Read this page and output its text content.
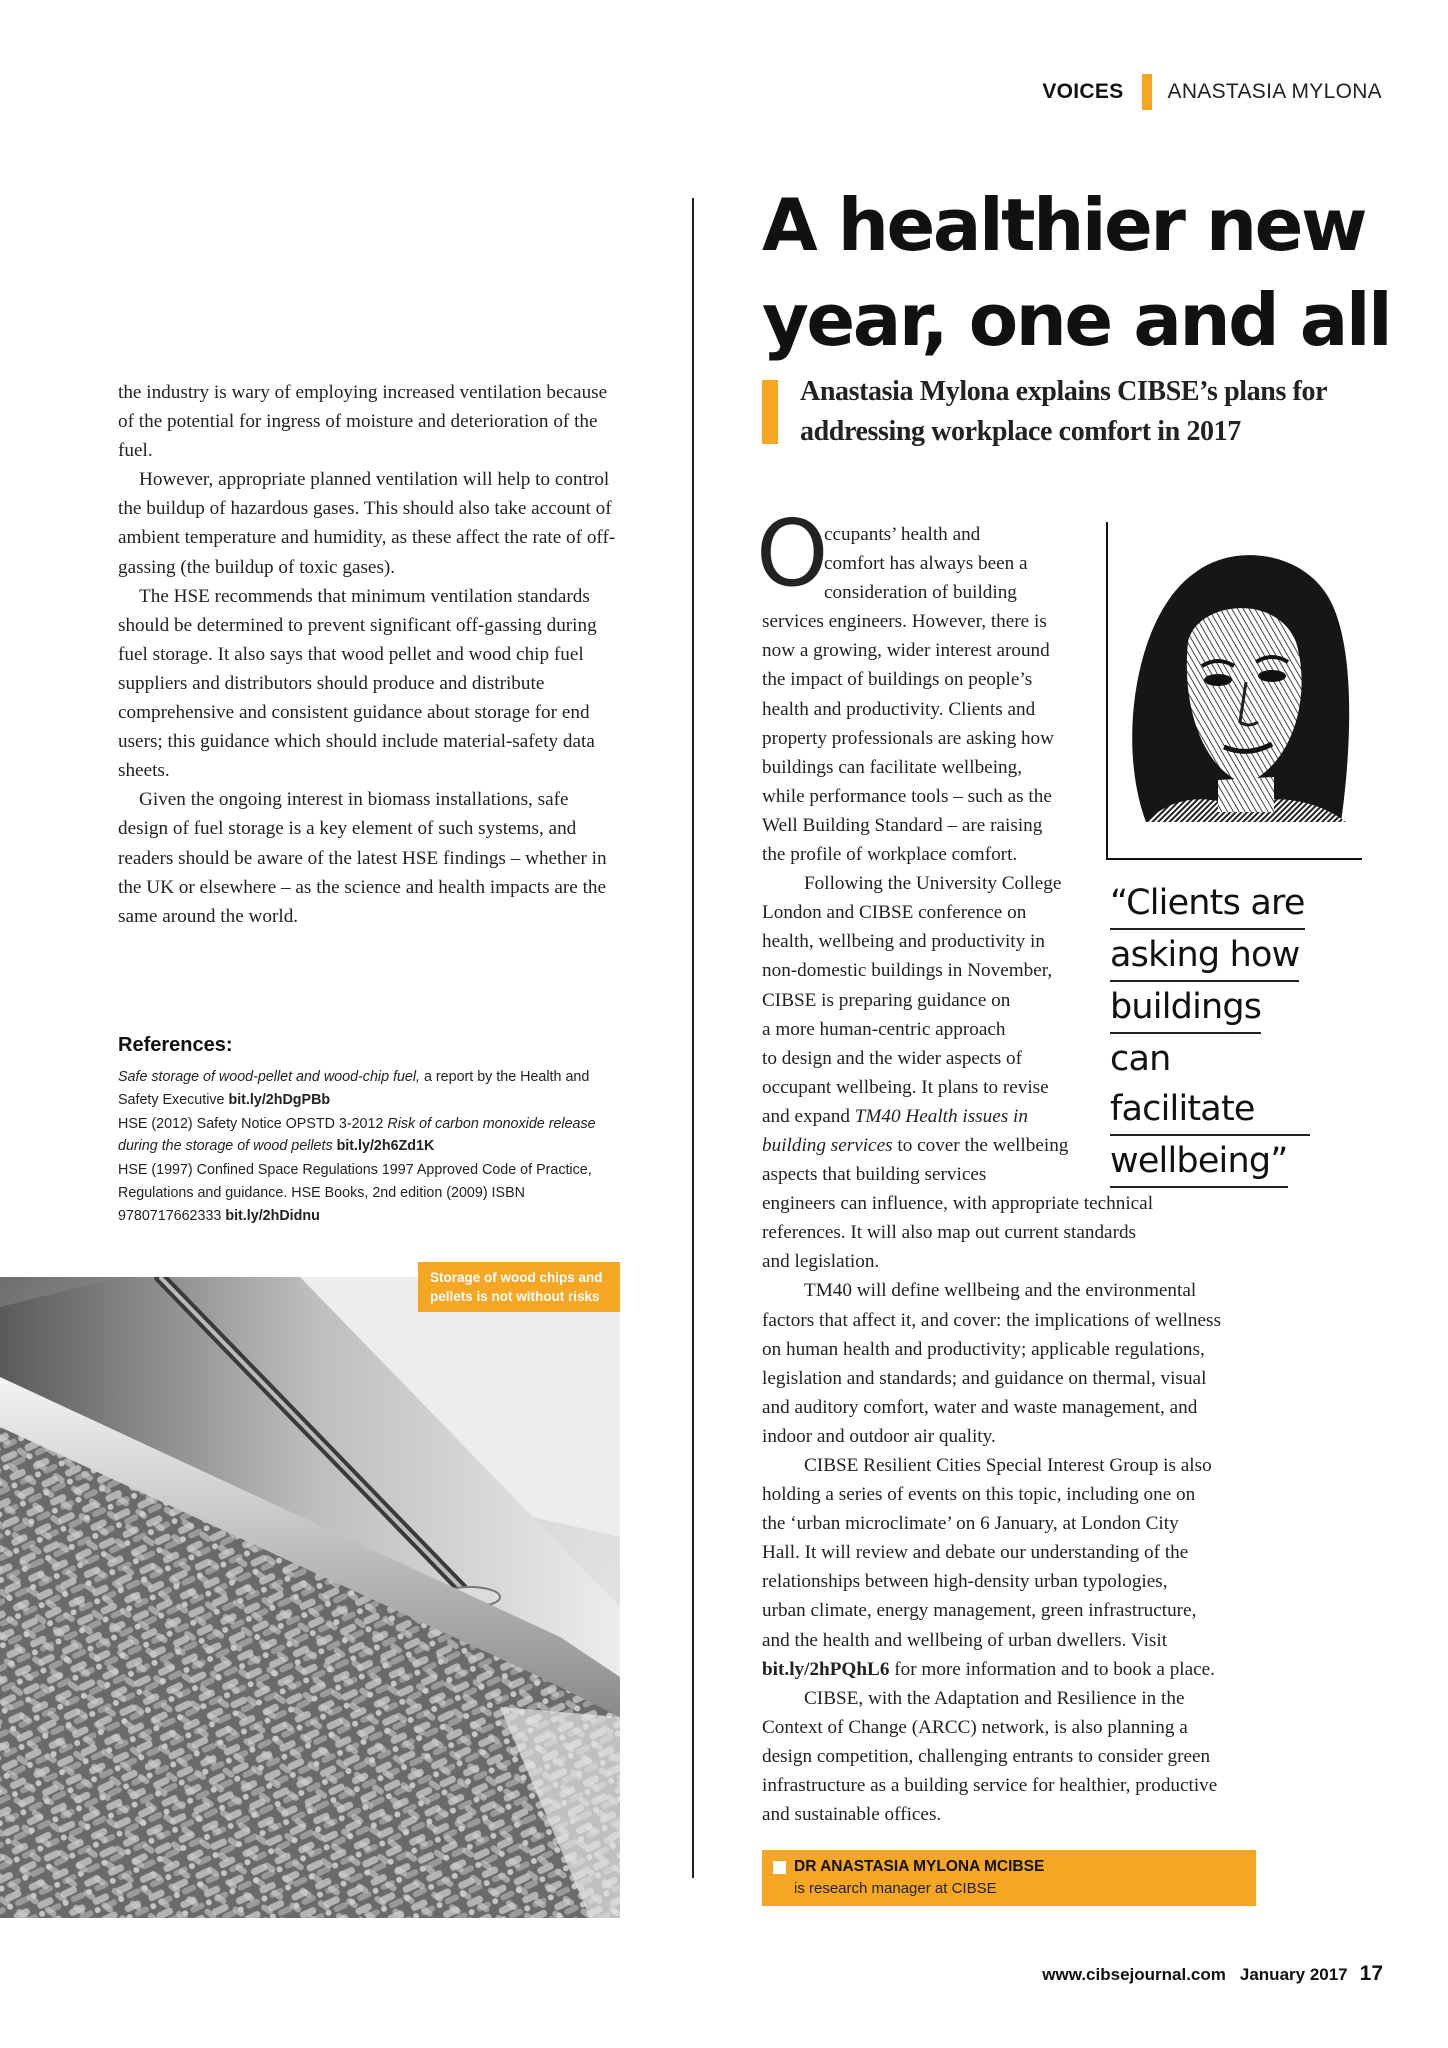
VOICES ANASTASIA MYLONA

the industry is wary of employing increased ventilation because of the potential for ingress of moisture and deterioration of the fuel.

However, appropriate planned ventilation will help to control the buildup of hazardous gases. This should also take account of ambient temperature and humidity, as these affect the rate of off-gassing (the buildup of toxic gases).

The HSE recommends that minimum ventilation standards should be determined to prevent significant off-gassing during fuel storage. It also says that wood pellet and wood chip fuel suppliers and distributors should produce and distribute comprehensive and consistent guidance about storage for end users; this guidance which should include material-safety data sheets.

Given the ongoing interest in biomass installations, safe design of fuel storage is a key element of such systems, and readers should be aware of the latest HSE findings – whether in the UK or elsewhere – as the science and health impacts are the same around the world.

References:

Safe storage of wood-pellet and wood-chip fuel, a report by the Health and Safety Executive bit.ly/2hDgPBb

HSE (2012) Safety Notice OPSTD 3-2012 Risk of carbon monoxide release during the storage of wood pellets bit.ly/2h6Zd1K

HSE (1997) Confined Space Regulations 1997 Approved Code of Practice, Regulations and guidance. HSE Books, 2nd edition (2009) ISBN 9780717662333 bit.ly/2hDidnu

Storage of wood chips and pellets is not without risks
A healthier new
year, one and all
Anastasia Mylona explains CIBSE’s plans for
addressing workplace comfort in 2017
O
ccupants’ health and
comfort has always been a
consideration of building
services engineers. However, there is
now a growing, wider interest around
the impact of buildings on people’s
health and productivity. Clients and
property professionals are asking how
buildings can facilitate wellbeing,
while performance tools – such as the
Well Building Standard – are raising
the profile of workplace comfort.
Following the University College
London and CIBSE conference on
health, wellbeing and productivity in
non-domestic buildings in November,
CIBSE is preparing guidance on
a more human-centric approach
to design and the wider aspects of
occupant wellbeing. It plans to revise
and expand TM40 Health issues in
building services to cover the wellbeing
aspects that building services
engineers can influence, with appropriate technical
references. It will also map out current standards
and legislation.
TM40 will define wellbeing and the environmental
factors that affect it, and cover: the implications of wellness
on human health and productivity; applicable regulations,
legislation and standards; and guidance on thermal, visual
and auditory comfort, water and waste management, and
indoor and outdoor air quality.
CIBSE Resilient Cities Special Interest Group is also
holding a series of events on this topic, including one on
the ‘urban microclimate’ on 6 January, at London City
Hall. It will review and debate our understanding of the
relationships between high-density urban typologies,
urban climate, energy management, green infrastructure,
and the health and wellbeing of urban dwellers. Visit
bit.ly/2hPQhL6 for more information and to book a place.
CIBSE, with the Adaptation and Resilience in the
Context of Change (ARCC) network, is also planning a
design competition, challenging entrants to consider green
infrastructure as a building service for healthier, productive
and sustainable offices.
“Clients are
asking how
buildings
can facilitate
wellbeing”
DR ANASTASIA MYLONA MCIBSE
is research manager at CIBSE
www.cibsejournal.com January 2017 17
